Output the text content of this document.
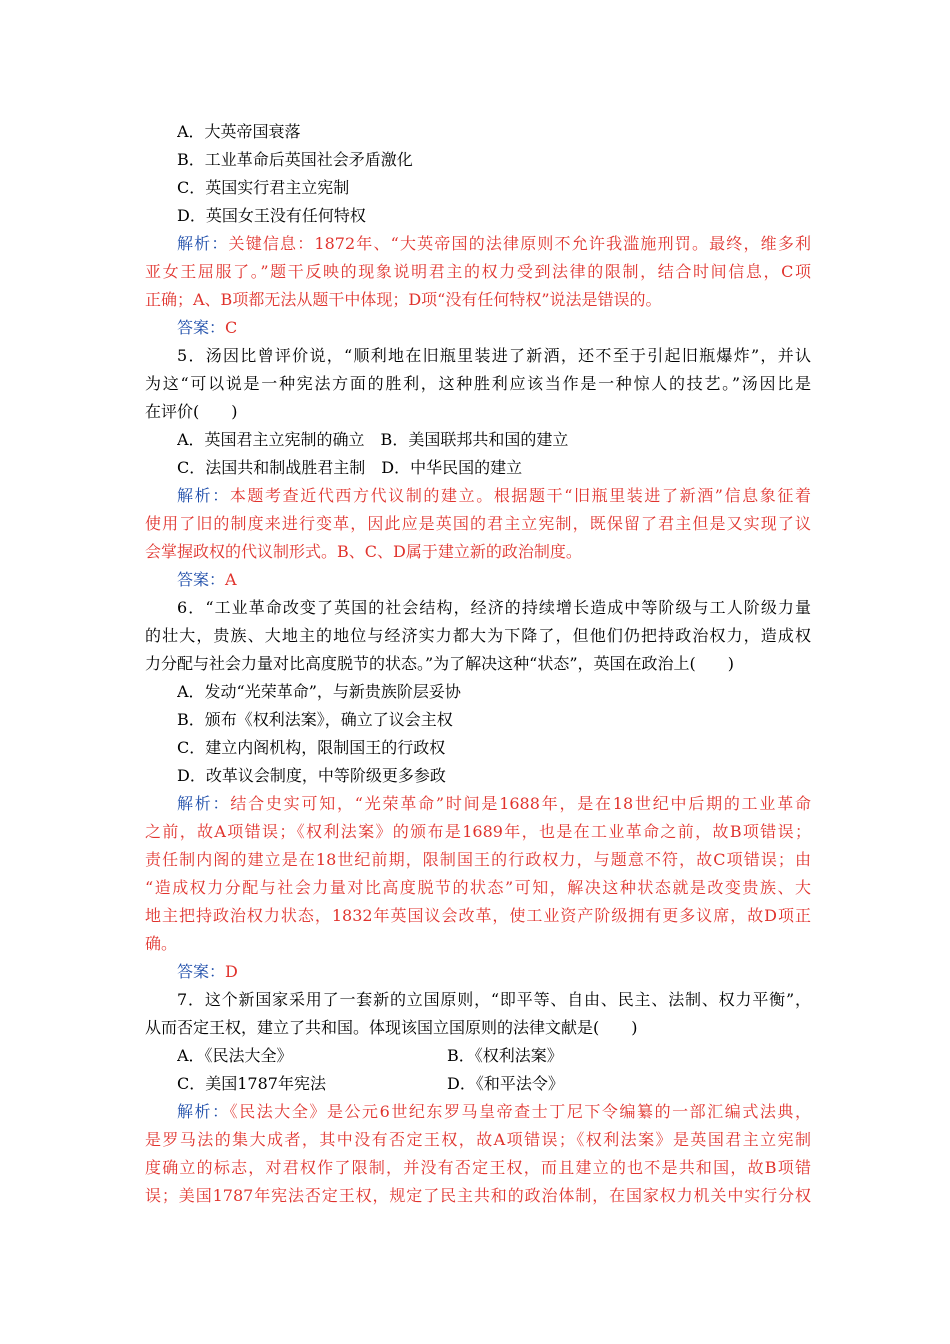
A．大英帝国衰落
B．工业革命后英国社会矛盾激化
C．英国实行君主立宪制
D．英国女王没有任何特权
解析：关键信息：1872年、“大英帝国的法律原则不允许我滥施刑罚。最终，维多利
亚女王屈服了。”题干反映的现象说明君主的权力受到法律的限制，结合时间信息，C项
正确；A、B项都无法从题干中体现；D项“没有任何特权”说法是错误的。
答案：C
5．汤因比曾评价说，“顺利地在旧瓶里装进了新酒，还不至于引起旧瓶爆炸”，并认
为这“可以说是一种宪法方面的胜利，这种胜利应该当作是一种惊人的技艺。”汤因比是
在评价(　　)
A．英国君主立宪制的确立　B．美国联邦共和国的建立
C．法国共和制战胜君主制　D．中华民国的建立
解析：本题考查近代西方代议制的建立。根据题干“旧瓶里装进了新酒”信息象征着
使用了旧的制度来进行变革，因此应是英国的君主立宪制，既保留了君主但是又实现了议
会掌握政权的代议制形式。B、C、D属于建立新的政治制度。
答案：A
6．“工业革命改变了英国的社会结构，经济的持续增长造成中等阶级与工人阶级力量
的壮大，贵族、大地主的地位与经济实力都大为下降了，但他们仍把持政治权力，造成权
力分配与社会力量对比高度脱节的状态。”为了解决这种“状态”，英国在政治上(　　)
A．发动“光荣革命”，与新贵族阶层妥协
B．颁布《权利法案》，确立了议会主权
C．建立内阁机构，限制国王的行政权
D．改革议会制度，中等阶级更多参政
解析：结合史实可知，“光荣革命”时间是1688年，是在18世纪中后期的工业革命
之前，故A项错误；《权利法案》的颁布是1689年，也是在工业革命之前，故B项错误；
责任制内阁的建立是在18世纪前期，限制国王的行政权力，与题意不符，故C项错误；由
“造成权力分配与社会力量对比高度脱节的状态”可知，解决这种状态就是改变贵族、大
地主把持政治权力状态，1832年英国议会改革，使工业资产阶级拥有更多议席，故D项正
确。
答案：D
7．这个新国家采用了一套新的立国原则，“即平等、自由、民主、法制、权力平衡”，
从而否定王权，建立了共和国。体现该国立国原则的法律文献是(　　)
A．《民法大全》	B．《权利法案》
C．美国1787年宪法	D．《和平法令》
解析：《民法大全》是公元6世纪东罗马皇帝查士丁尼下令编纂的一部汇编式法典，
是罗马法的集大成者，其中没有否定王权，故A项错误；《权利法案》是英国君主立宪制
度确立的标志，对君权作了限制，并没有否定王权，而且建立的也不是共和国，故B项错
误；美国1787年宪法否定王权，规定了民主共和的政治体制，在国家权力机关中实行分权
